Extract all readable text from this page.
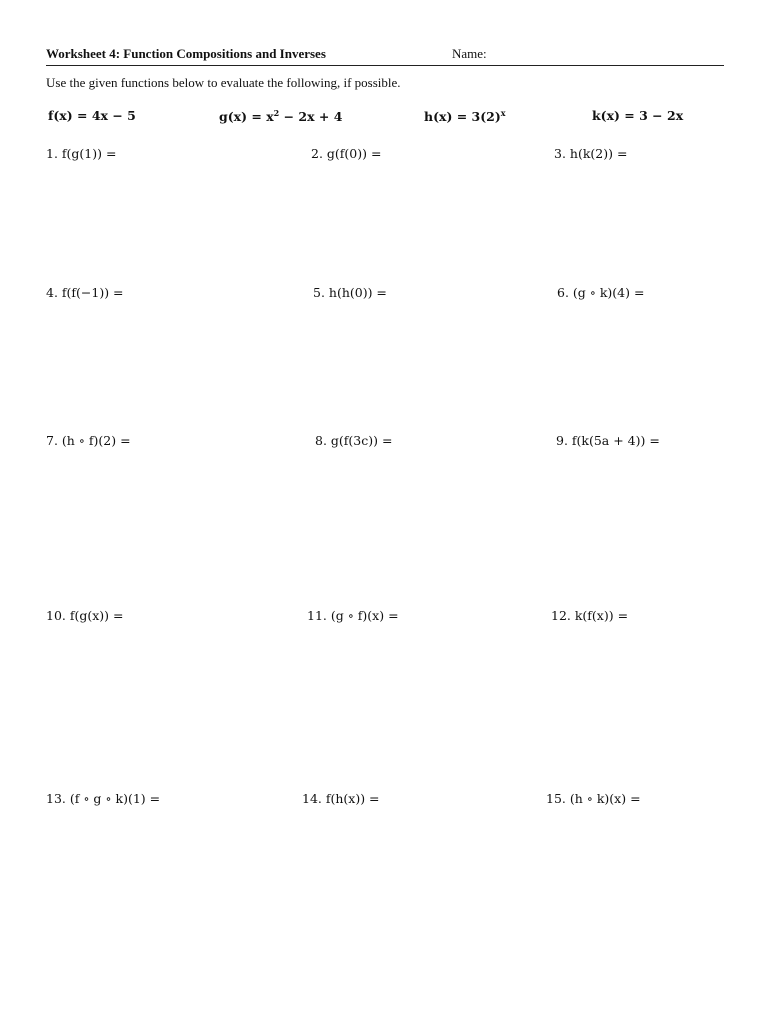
Worksheet 4: Function Compositions and Inverses	Name:
Use the given functions below to evaluate the following, if possible.
f(x) = 4x − 5	$g(x) = x^2 - 2x + 4$	$h(x) = 3(2)^x$	k(x) = 3 − 2x
1. f(g(1)) =	2. g(f(0)) =	3. h(k(2)) =
4. f(f(−1)) =	5. h(h(0)) =	6. (g ∘ k)(4) =
7. (h ∘ f)(2) =	8. g(f(3c)) =	9. f(k(5a + 4)) =
10. f(g(x)) =	11. (g ∘ f)(x) =	12. k(f(x)) =
13. (f ∘ g ∘ k)(1) =	14. f(h(x)) =	15. (h ∘ k)(x) =
